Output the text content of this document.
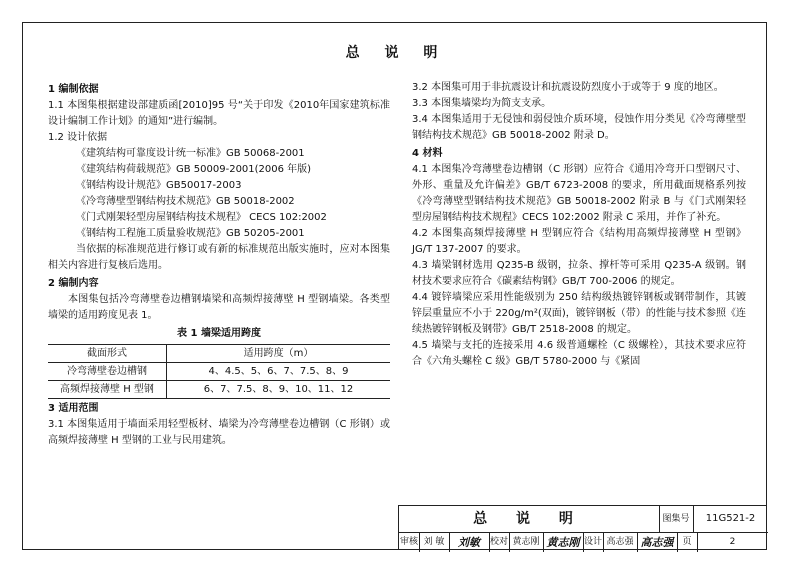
总 说 明
1 编制依据
1.1 本图集根据建设部建质函[2010]95 号“关于印发《2010年国家建筑标准设计编制工作计划》的通知”进行编制。
1.2 设计依据
《建筑结构可靠度设计统一标准》GB 50068-2001
《建筑结构荷载规范》GB 50009-2001(2006 年版)
《钢结构设计规范》GB50017-2003
《冷弯薄壁型钢结构技术规范》GB 50018-2002
《门式刚架轻型房屋钢结构技术规程》 CECS 102:2002
《钢结构工程施工质量验收规范》GB 50205-2001
当依据的标准规范进行修订或有新的标准规范出版实施时，应对本图集相关内容进行复核后选用。
2 编制内容
本图集包括冷弯薄壁卷边槽钢墙梁和高频焊接薄壁 H 型钢墙梁。各类型墙梁的适用跨度见表 1。
表 1 墙梁适用跨度
截面形式	适用跨度（m）
冷弯薄壁卷边槽钢	4、4.5、5、6、7、7.5、8、9
高频焊接薄壁 H 型钢	6、7、7.5、8、9、10、11、12
3 适用范围
3.1 本图集适用于墙面采用轻型板材、墙梁为冷弯薄壁卷边槽钢（C 形钢）或高频焊接薄壁 H 型钢的工业与民用建筑。
3.2 本图集可用于非抗震设计和抗震设防烈度小于或等于 9 度的地区。
3.3 本图集墙梁均为简支支承。
3.4 本图集适用于无侵蚀和弱侵蚀介质环境，侵蚀作用分类见《冷弯薄壁型钢结构技术规范》GB 50018-2002 附录 D。
4 材料
4.1 本图集冷弯薄壁卷边槽钢（C 形钢）应符合《通用冷弯开口型钢尺寸、外形、重量及允许偏差》GB/T 6723-2008 的要求，所用截面规格系列按《冷弯薄壁型钢结构技术规范》GB 50018-2002 附录 B 与《门式刚架轻型房屋钢结构技术规程》CECS 102:2002 附录 C 采用，并作了补充。
4.2 本图集高频焊接薄壁 H 型钢应符合《结构用高频焊接薄壁 H 型钢》JG/T 137-2007 的要求。
4.3 墙梁钢材选用 Q235-B 级钢，拉条、撑杆等可采用 Q235-A 级钢。钢材技术要求应符合《碳素结构钢》GB/T 700-2006 的规定。
4.4 镀锌墙梁应采用性能级别为 250 结构级热镀锌钢板或钢带制作，其镀锌层重量应不小于 220g/m²(双面)，镀锌钢板（带）的性能与技术参照《连续热镀锌钢板及钢带》GB/T 2518-2008 的规定。
4.5 墙梁与支托的连接采用 4.6 级普通螺栓（C 级螺栓），其技术要求应符合《六角头螺栓 C 级》GB/T 5780-2000 与《紧固
总 说 明	图集号	11G521-2
审核 刘 敏	刘敏	校对 黄志刚 黄志刚 设计 高志强 高志强 页	2
